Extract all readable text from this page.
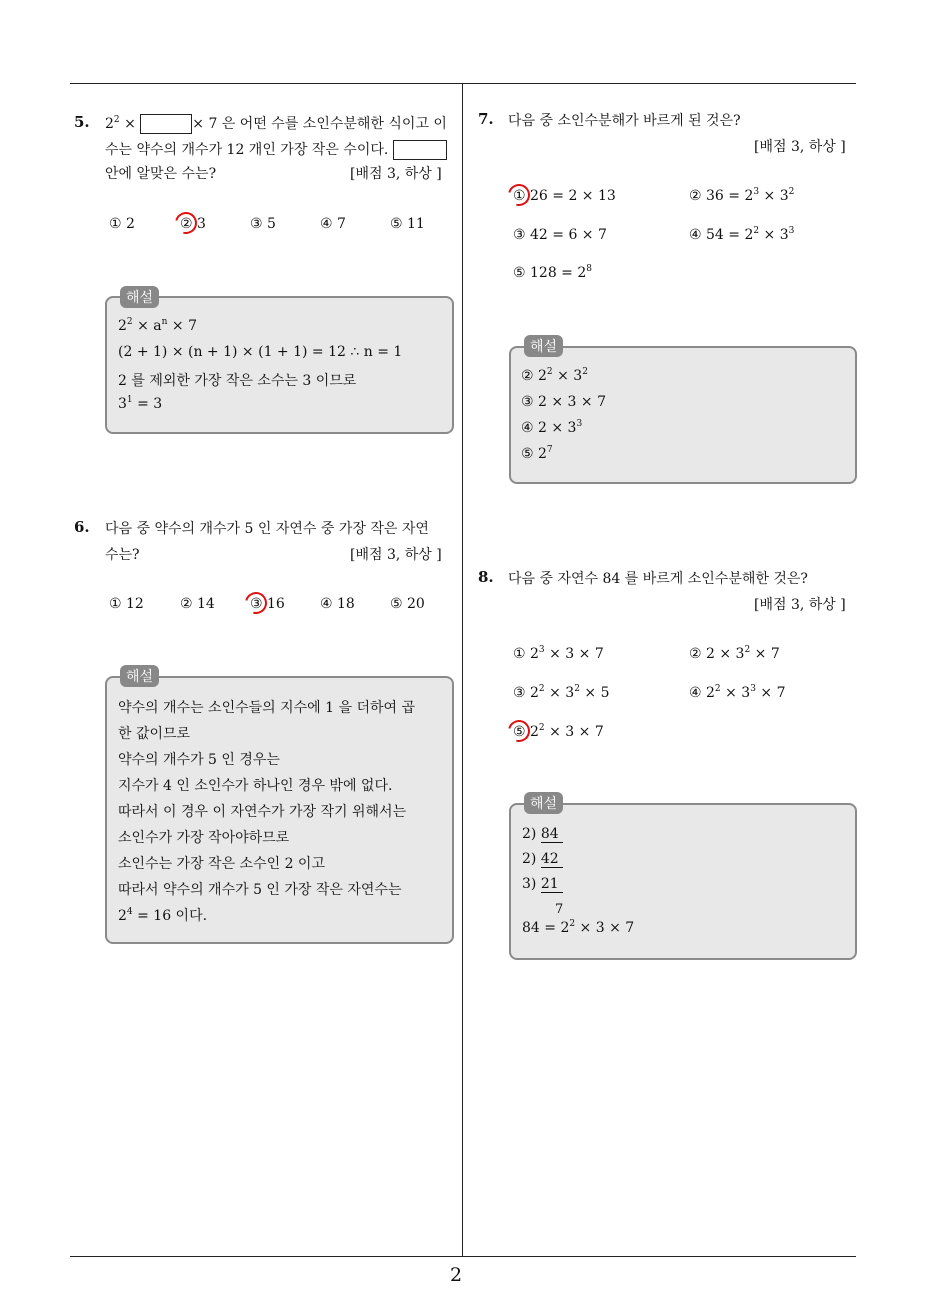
2
5. $2^2$ ×	× 7 은 어떤 수를 소인수분해한 식이고 이
수는 약수의 개수가 12 개인 가장 작은 수이다.
안에 알맞은 수는?	[배점 3, 하상 ]
① 2	② 3	③ 5	④ 7	⑤ 11
해설
$2^2 \times a^n \times 7$
(2 + 1) × (n + 1) × (1 + 1) = 12 ∴ n = 1
2 를 제외한 가장 작은 소수는 3 이므로
$3^1 = 3$
6. 다음 중 약수의 개수가 5 인 자연수 중 가장 작은 자연
수는?	[배점 3, 하상 ]
① 12	② 14	③ 16	④ 18	⑤ 20
해설
약수의 개수는 소인수들의 지수에 1 을 더하여 곱
한 값이므로
약수의 개수가 5 인 경우는
지수가 4 인 소인수가 하나인 경우 밖에 없다.
따라서 이 경우 이 자연수가 가장 작기 위해서는
소인수가 가장 작아야하므로
소인수는 가장 작은 소수인 2 이고
따라서 약수의 개수가 5 인 가장 작은 자연수는
$2^4 = 16$ 이다.
7. 다음 중 소인수분해가 바르게 된 것은?
[배점 3, 하상 ]
① 26 = 2 × 13	② $36 = 2^3 \times 3^2$
③ 42 = 6 × 7	④ $54 = 2^2 \times 3^3$
⑤ $128 = 2^8$
해설
② $2^2 \times 3^2$
③ 2 × 3 × 7
④ $2 \times 3^3$
⑤ $2^7$
8. 다음 중 자연수 84 를 바르게 소인수분해한 것은?
[배점 3, 하상 ]
① $2^3 \times 3 \times 7$	② $2 \times 3^2 \times 7$
③ $2^2 \times 3^2 \times 5$	④ $2^2 \times 3^3 \times 7$
⑤ $2^2 \times 3 \times 7$
해설
2) 84
2) 42
3) 21
7
$84 = 2^2 \times 3 \times 7$
